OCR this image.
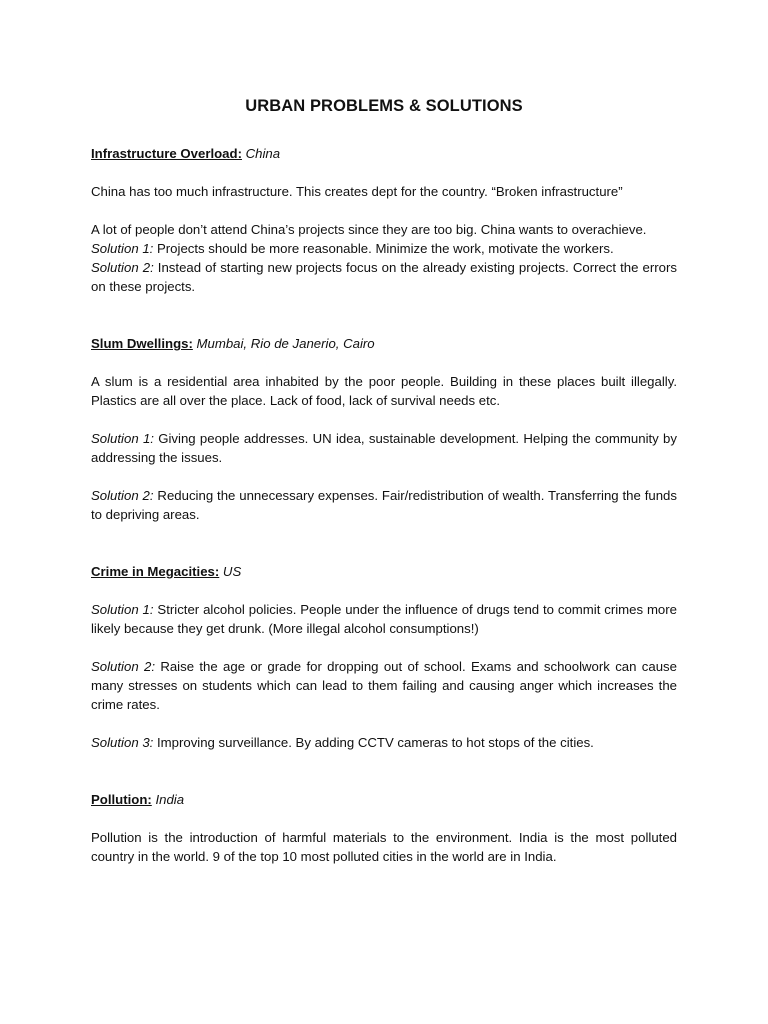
URBAN PROBLEMS & SOLUTIONS
Infrastructure Overload: China

China has too much infrastructure. This creates dept for the country. “Broken infrastructure”

A lot of people don’t attend China’s projects since they are too big. China wants to overachieve.

Solution 1: Projects should be more reasonable. Minimize the work, motivate the workers.

Solution 2: Instead of starting new projects focus on the already existing projects. Correct the errors on these projects.

Slum Dwellings: Mumbai, Rio de Janerio, Cairo

A slum is a residential area inhabited by the poor people. Building in these places built illegally. Plastics are all over the place. Lack of food, lack of survival needs etc.

Solution 1: Giving people addresses. UN idea, sustainable development. Helping the community by addressing the issues.

Solution 2: Reducing the unnecessary expenses. Fair/redistribution of wealth. Transferring the funds to depriving areas.

Crime in Megacities: US

Solution 1: Stricter alcohol policies. People under the influence of drugs tend to commit crimes more likely because they get drunk. (More illegal alcohol consumptions!)

Solution 2: Raise the age or grade for dropping out of school. Exams and schoolwork can cause many stresses on students which can lead to them failing and causing anger which increases the crime rates.

Solution 3: Improving surveillance. By adding CCTV cameras to hot stops of the cities.

Pollution: India

Pollution is the introduction of harmful materials to the environment. India is the most polluted country in the world. 9 of the top 10 most polluted cities in the world are in India.
